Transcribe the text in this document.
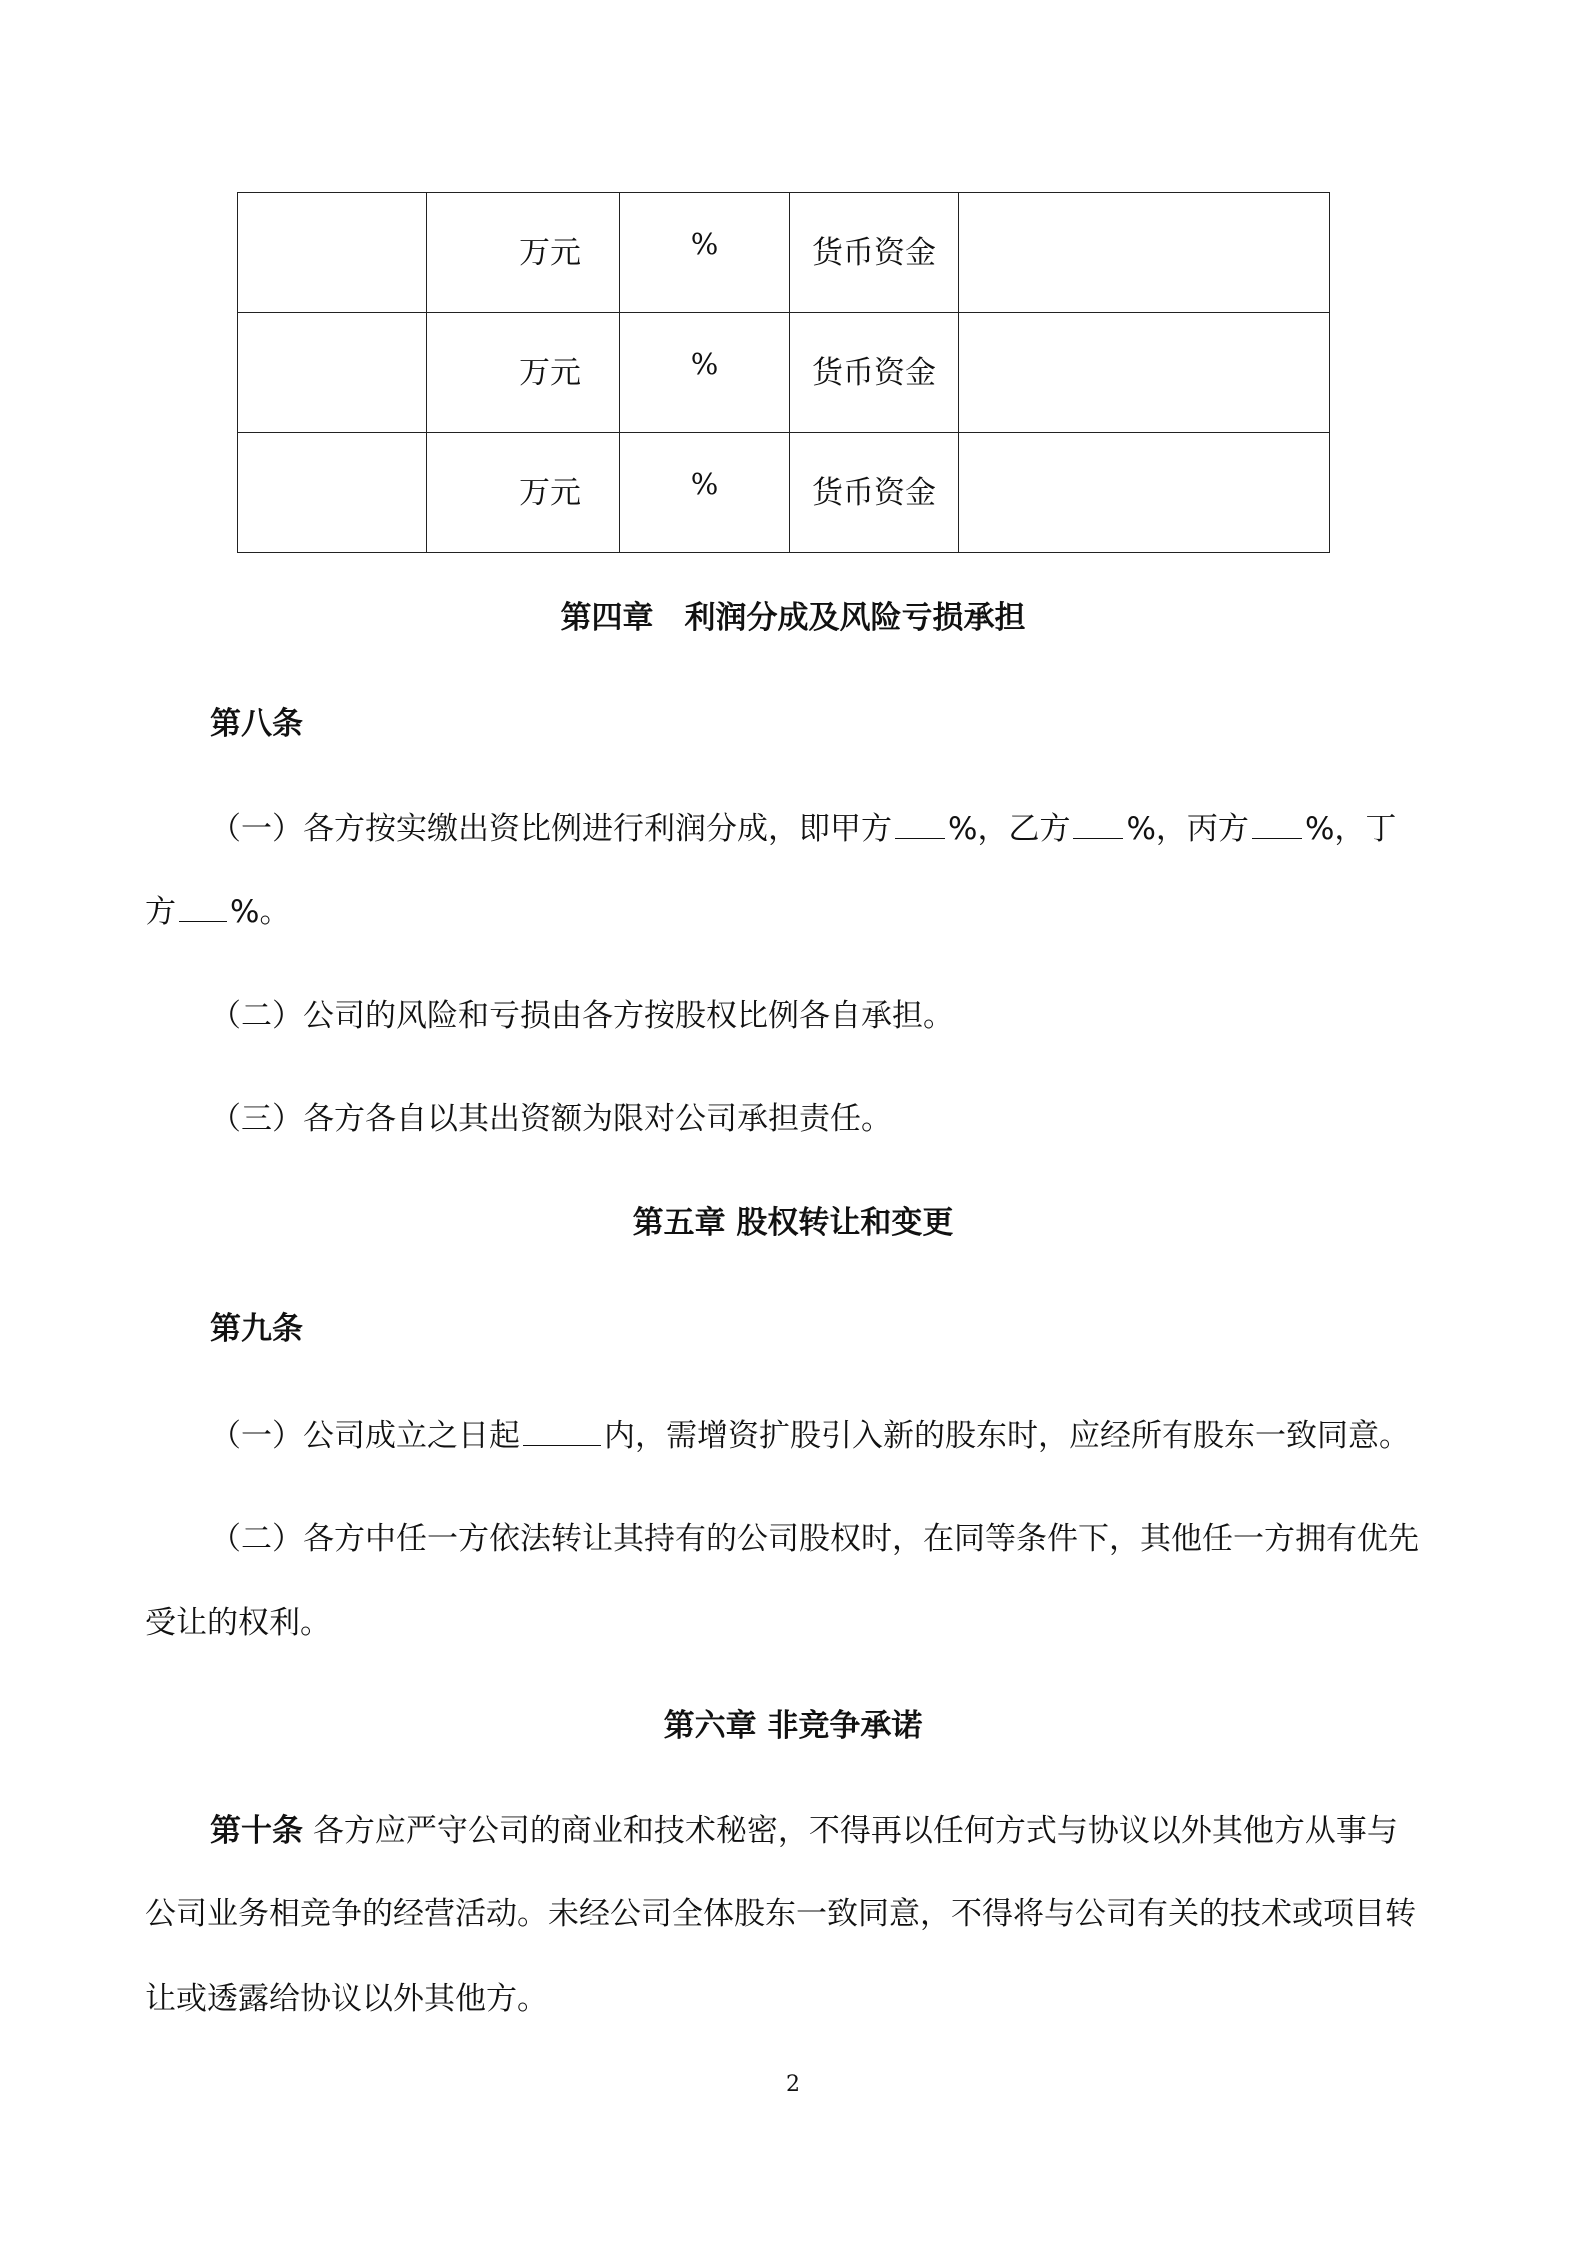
	万元	%	货币资金	

	万元	%	货币资金	

	万元	%	货币资金	

第四章　利润分成及风险亏损承担
第八条
（一）各方按实缴出资比例进行利润分成，即甲方 %，乙方 %，丙方 %，丁
方 %。
（二）公司的风险和亏损由各方按股权比例各自承担。
（三）各方各自以其出资额为限对公司承担责任。
第五章 股权转让和变更
第九条
（一）公司成立之日起	内，需增资扩股引入新的股东时，应经所有股东一致同意。
（二）各方中任一方依法转让其持有的公司股权时，在同等条件下，其他任一方拥有优先
受让的权利。
第六章 非竞争承诺
第十条 各方应严守公司的商业和技术秘密，不得再以任何方式与协议以外其他方从事与
公司业务相竞争的经营活动。未经公司全体股东一致同意，不得将与公司有关的技术或项目转
让或透露给协议以外其他方。
2
